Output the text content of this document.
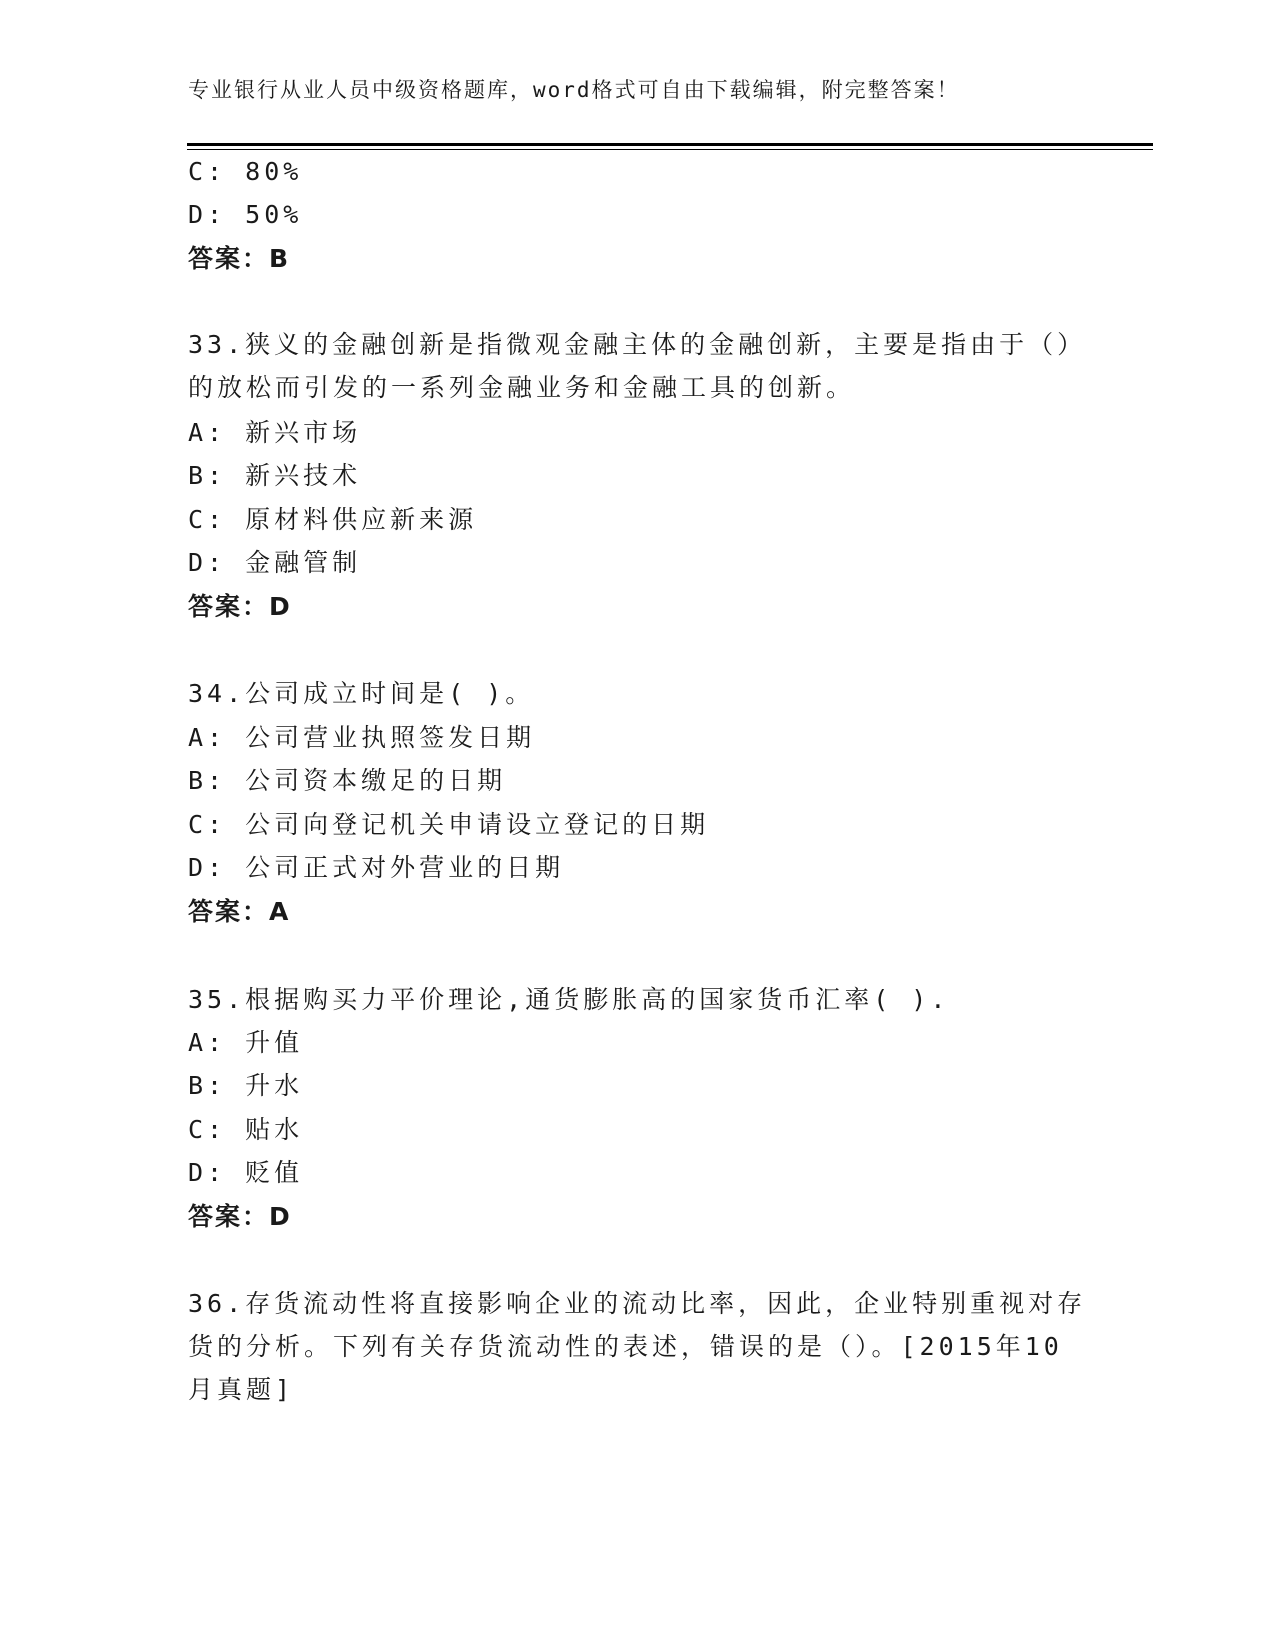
专业银行从业人员中级资格题库，word格式可自由下载编辑，附完整答案！
C: 80%
D: 50%
答案：B
33.狭义的金融创新是指微观金融主体的金融创新，主要是指由于（）
的放松而引发的一系列金融业务和金融工具的创新。
A: 新兴市场
B: 新兴技术
C: 原材料供应新来源
D: 金融管制
答案：D
34.公司成立时间是( )。
A: 公司营业执照签发日期
B: 公司资本缴足的日期
C: 公司向登记机关申请设立登记的日期
D: 公司正式对外营业的日期
答案：A
35.根据购买力平价理论,通货膨胀高的国家货币汇率( ).
A: 升值
B: 升水
C: 贴水
D: 贬值
答案：D
36.存货流动性将直接影响企业的流动比率，因此，企业特别重视对存
货的分析。下列有关存货流动性的表述，错误的是（）。[2015年10
月真题]
